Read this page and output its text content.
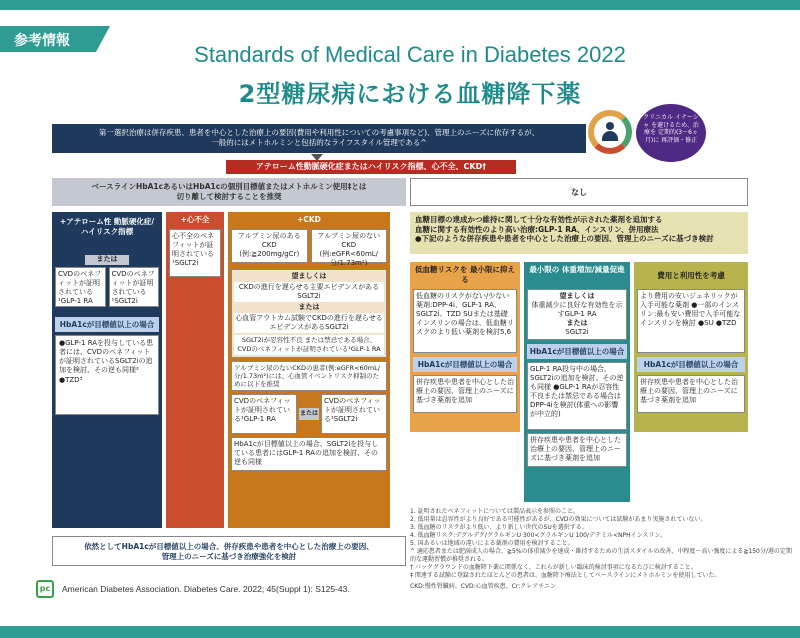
参考情報
Standards of Medical Care in Diabetes 2022
2型糖尿病における血糖降下薬
クリニカル イナーシャ を避けるため、治療を 定期的(3〜6ヵ月)に 再評価・修正
第一選択治療は併存疾患、患者を中心とした治療上の要因(費用や利用性についての考慮事項など)、管理上のニーズに依存するが、
一般的にはメトホルミンと包括的なライフスタイル管理である^
アテローム性動脈硬化症またはハイリスク指標、心不全、CKD†
ベースラインHbA1cあるいはHbA1cの個別目標値またはメトホルミン使用‡とは
切り離して検討することを推奨	なし
+アテローム性 動脈硬化症/ ハイリスク指標
または
CVDのベネフィットが証明されている¹GLP-1 RA
CVDのベネフィットが証明されている¹SGLT2i
HbA1cが目標値以上の場合
●GLP-1 RAを投与している患者には、CVDのベネフィットが証明されているSGLT2iの追加を検討、その逆も同様²
●TZD³
+心不全
心不全のベネフィットが証明されている¹SGLT2i
+CKD
アルブミン尿のあるCKD (例:≧200mg/gCr)
アルブミン尿のないCKD (例:eGFR<60mL/分/1.73m²)
望ましくは
CKDの進行を遅らせる主要エビデンスがあるSGLT2i
または
心血管アウトカム試験でCKDの進行を遅らせるエビデンスがあるSGLT2i
SGLT2iが忍容性不良 または禁忌である場合、CVDのベネフィットが証明されている¹GLP-1 RA
アルブミン尿のないCKDの患者(例:eGFR<60mL/分/1.73m²)には、心血管イベントリスク抑制のために以下を推奨
CVDのベネフィットが証明されている¹GLP-1 RA
または
CVDのベネフィットが証明されている¹SGLT2i
HbA1cが目標値以上の場合、SGLT2iを投与している患者にはGLP-1 RAの追加を検討、その逆も同様
依然としてHbA1cが目標値以上の場合、併存疾患や患者を中心とした治療上の要因、
管理上のニーズに基づき治療強化を検討
血糖目標の達成かつ維持に関して十分な有効性が示された薬剤を追加する
血糖に関する有効性のより高い治療:GLP-1 RA、インスリン、併用療法
●下記のような併存疾患や患者を中心とした治療上の要因、管理上のニーズに基づき検討
低血糖リスクを 最小限に抑える
低血糖のリスクがない/少ない薬剤:DPP-4i、GLP-1 RA、SGLT2i、TZD SUまたは基礎インスリンの場合は、低血糖リスクのより低い薬剤を検討5,6
HbA1cが目標値以上の場合
併存疾患や患者を中心とした治療上の要因、管理上のニーズに基づき薬剤を追加
最小限の 体重増加/減量促進
望ましくは
体重減少に良好な有効性を示すGLP-1 RA
または
SGLT2i
HbA1cが目標値以上の場合
GLP-1 RA投与中の場合、SGLT2iの追加を検討、その逆も同様 ●GLP-1 RAが忍容性不良または禁忌である場合はDPP-4iを検討(体重への影響が中立的)
併存疾患や患者を中心とした治療上の要因、管理上のニーズに基づき薬剤を追加
費用と利用性を考慮
より費用の安いジェネリックが入手可能な薬剤 ●一部のインスリン:最も安い費用で入手可能なインスリンを検討 ●SU ●TZD
HbA1cが目標値以上の場合
併存疾患や患者を中心とした治療上の要因、管理上のニーズに基づき薬剤を追加
1. 証明されたベネフィットについては製品表示を参照のこと。
2. 低用量は忍容性がより良好である可能性があるが、CVDの効果については試験があまり実施されていない。
3. 低血糖のリスクがより低い、より新しい世代のSUを選択する。
4. 低血糖リスク:デグルデク/グラルギンU 300<グラルギンU 100/デテミル<NPHインスリン。
5. 国あるいは地域の違いによる薬剤の費用を検討すること。
^ 適応患者または肥満成人の場合、≧5%の体重減少を達成・維持するための生活スタイルの改善、中程度～高い強度による≧150分/週の定期的な運動習慣が推奨される。
† バックグラウンドの血糖降下薬に関係なく、これらが新しい臨床的検討事項になるたびに検討すること。
‡ 関連する試験に登録されたほとんどの患者は、血糖降下療法としてベースラインにメトホルミンを使用していた。
CKD:慢性腎臓病、CVD:心血管疾患、Cr:クレアチニン
pc	American Diabetes Association. Diabetes Care. 2022; 45(Suppl 1): S125-43.
